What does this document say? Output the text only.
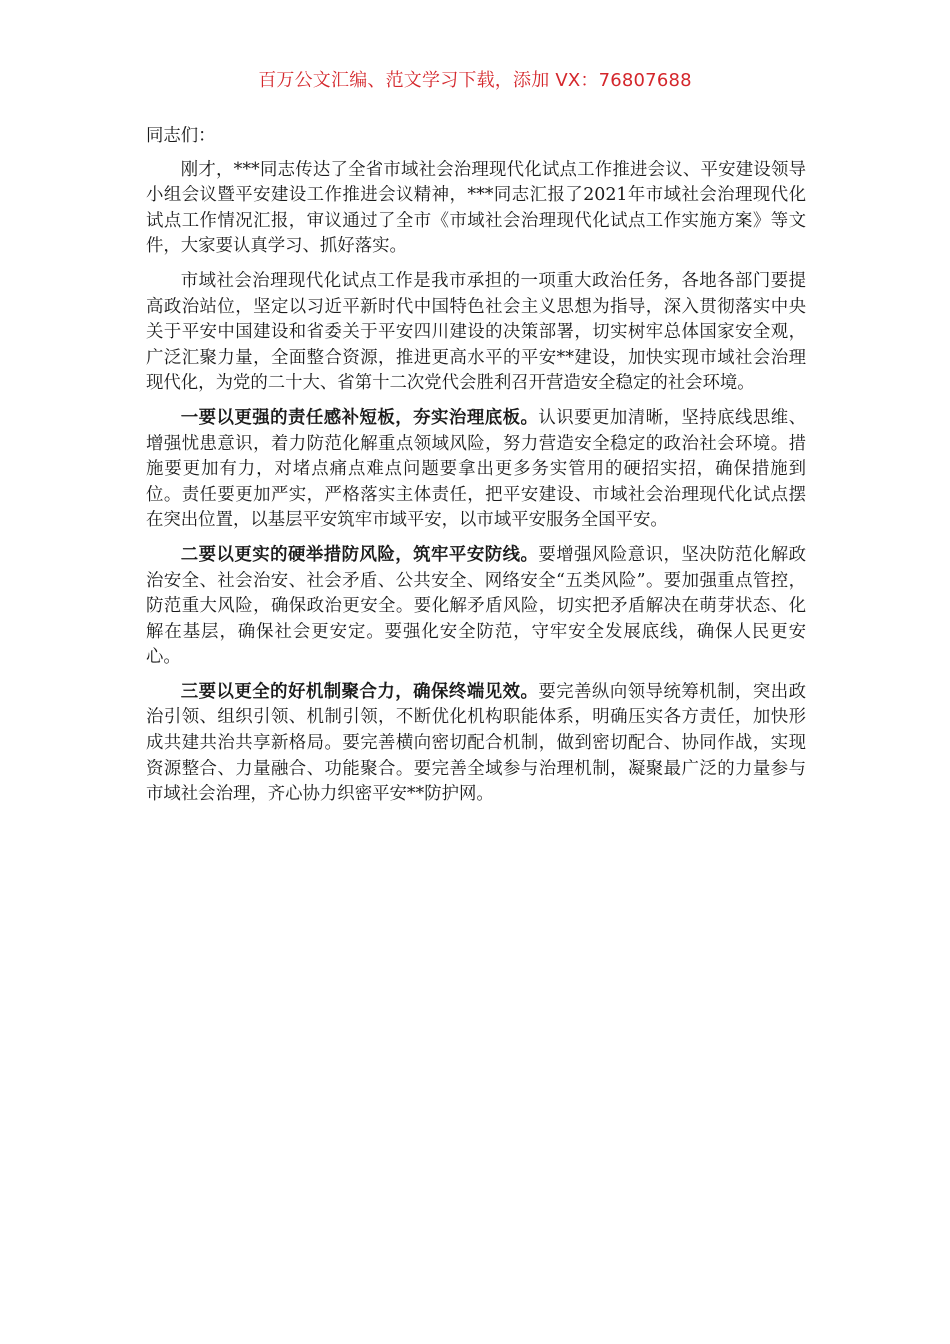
百万公文汇编、范文学习下载，添加 VX：76807688

同志们：

刚才，***同志传达了全省市域社会治理现代化试点工作推进会议、平安建设领导小组会议暨平安建设工作推进会议精神，***同志汇报了2021年市域社会治理现代化试点工作情况汇报，审议通过了全市《市域社会治理现代化试点工作实施方案》等文件，大家要认真学习、抓好落实。

市域社会治理现代化试点工作是我市承担的一项重大政治任务，各地各部门要提高政治站位，坚定以习近平新时代中国特色社会主义思想为指导，深入贯彻落实中央关于平安中国建设和省委关于平安四川建设的决策部署，切实树牢总体国家安全观，广泛汇聚力量，全面整合资源，推进更高水平的平安**建设，加快实现市域社会治理现代化，为党的二十大、省第十二次党代会胜利召开营造安全稳定的社会环境。

一要以更强的责任感补短板，夯实治理底板。认识要更加清晰，坚持底线思维、增强忧患意识，着力防范化解重点领域风险，努力营造安全稳定的政治社会环境。措施要更加有力，对堵点痛点难点问题要拿出更多务实管用的硬招实招，确保措施到位。责任要更加严实，严格落实主体责任，把平安建设、市域社会治理现代化试点摆在突出位置，以基层平安筑牢市域平安，以市域平安服务全国平安。

二要以更实的硬举措防风险，筑牢平安防线。要增强风险意识，坚决防范化解政治安全、社会治安、社会矛盾、公共安全、网络安全“五类风险”。要加强重点管控，防范重大风险，确保政治更安全。要化解矛盾风险，切实把矛盾解决在萌芽状态、化解在基层，确保社会更安定。要强化安全防范，守牢安全发展底线，确保人民更安心。

三要以更全的好机制聚合力，确保终端见效。要完善纵向领导统筹机制，突出政治引领、组织引领、机制引领，不断优化机构职能体系，明确压实各方责任，加快形成共建共治共享新格局。要完善横向密切配合机制，做到密切配合、协同作战，实现资源整合、力量融合、功能聚合。要完善全域参与治理机制，凝聚最广泛的力量参与市域社会治理，齐心协力织密平安**防护网。
